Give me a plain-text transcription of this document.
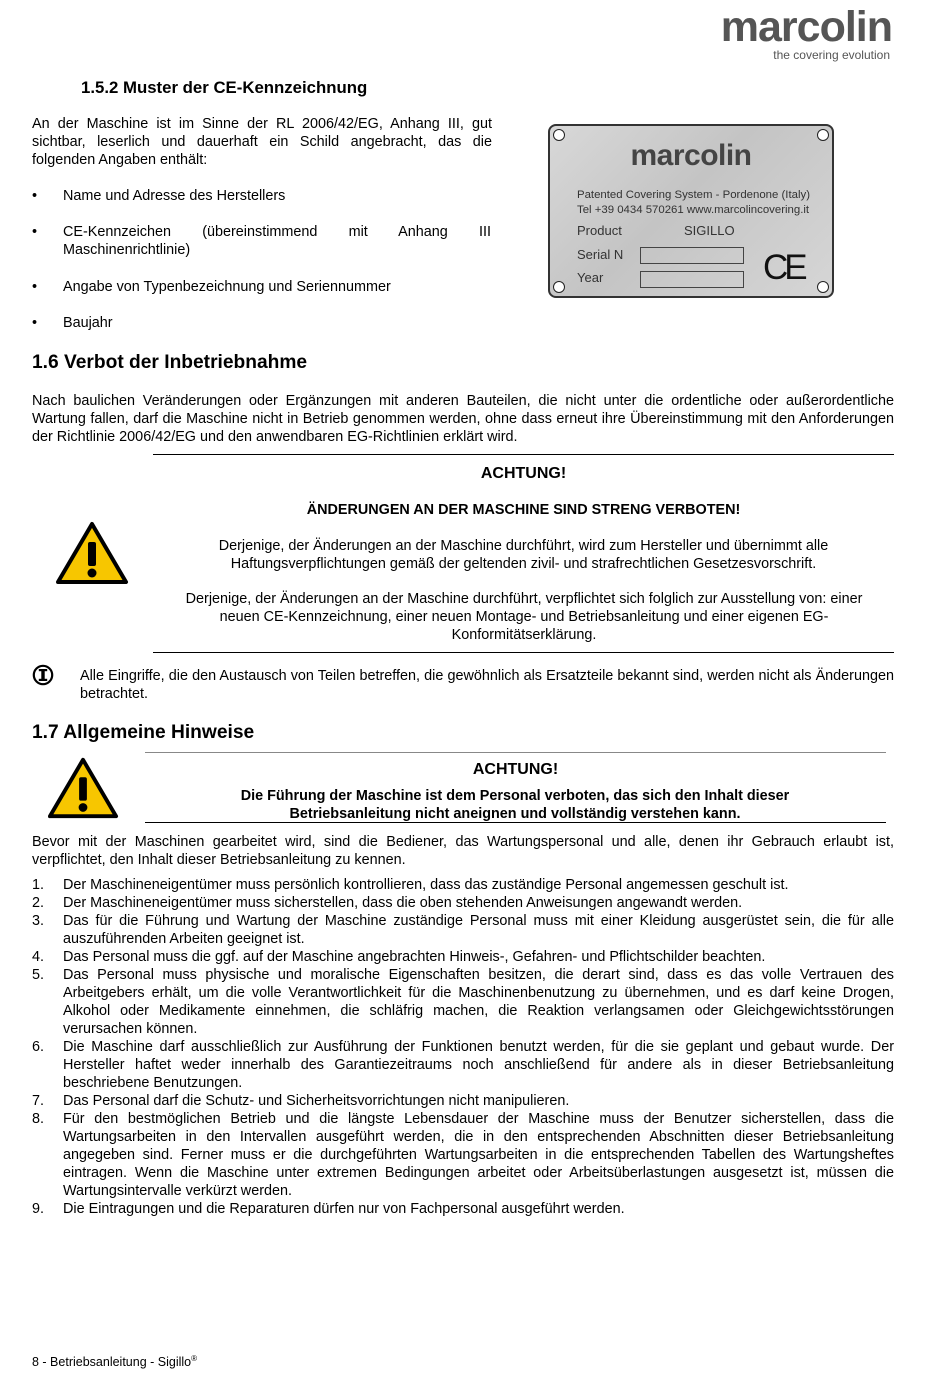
marcolin
the covering evolution
1.5.2 Muster der CE-Kennzeichnung
An der Maschine ist im Sinne der RL 2006/42/EG, Anhang III, gut sichtbar, leserlich und dauerhaft ein Schild angebracht, das die folgenden Angaben enthält:
• Name und Adresse des Herstellers
• CE-Kennzeichen (übereinstimmend mit Anhang III Maschinenrichtlinie)
• Angabe von Typenbezeichnung und Seriennummer
• Baujahr
marcolin
Patented Covering System - Pordenone (Italy)
Tel +39 0434 570261 www.marcolincovering.it
Product	SIGILLO
Serial N
Year	CE
1.6 Verbot der Inbetriebnahme
Nach baulichen Veränderungen oder Ergänzungen mit anderen Bauteilen, die nicht unter die ordentliche oder außerordentliche Wartung fallen, darf die Maschine nicht in Betrieb genommen werden, ohne dass erneut ihre Übereinstimmung mit den Anforderungen der Richtlinie 2006/42/EG und den anwendbaren EG-Richtlinien erklärt wird.
ACHTUNG!
ÄNDERUNGEN AN DER MASCHINE SIND STRENG VERBOTEN!
Derjenige, der Änderungen an der Maschine durchführt, wird zum Hersteller und übernimmt alle Haftungsverpflichtungen gemäß der geltenden zivil- und strafrechtlichen Gesetzesvorschrift.
Derjenige, der Änderungen an der Maschine durchführt, verpflichtet sich folglich zur Ausstellung von: einer neuen CE-Kennzeichnung, einer neuen Montage- und Betriebsanleitung und einer eigenen EG-Konformitätserklärung.
Alle Eingriffe, die den Austausch von Teilen betreffen, die gewöhnlich als Ersatzteile bekannt sind, werden nicht als Änderungen betrachtet.
1.7 Allgemeine Hinweise
ACHTUNG!
Die Führung der Maschine ist dem Personal verboten, das sich den Inhalt dieser Betriebsanleitung nicht aneignen und vollständig verstehen kann.
Bevor mit der Maschinen gearbeitet wird, sind die Bediener, das Wartungspersonal und alle, denen ihr Gebrauch erlaubt ist, verpflichtet, den Inhalt dieser Betriebsanleitung zu kennen.
1. Der Maschineneigentümer muss persönlich kontrollieren, dass das zuständige Personal angemessen geschult ist.
2. Der Maschineneigentümer muss sicherstellen, dass die oben stehenden Anweisungen angewandt werden.
3. Das für die Führung und Wartung der Maschine zuständige Personal muss mit einer Kleidung ausgerüstet sein, die für alle auszuführenden Arbeiten geeignet ist.
4. Das Personal muss die ggf. auf der Maschine angebrachten Hinweis-, Gefahren- und Pflichtschilder beachten.
5. Das Personal muss physische und moralische Eigenschaften besitzen, die derart sind, dass es das volle Vertrauen des Arbeitgebers erhält, um die volle Verantwortlichkeit für die Maschinenbenutzung zu übernehmen, und es darf keine Drogen, Alkohol oder Medikamente einnehmen, die schläfrig machen, die Reaktion verlangsamen oder Gleichgewichtsstörungen verursachen können.
6. Die Maschine darf ausschließlich zur Ausführung der Funktionen benutzt werden, für die sie geplant und gebaut wurde. Der Hersteller haftet weder innerhalb des Garantiezeitraums noch anschließend für andere als in dieser Betriebsanleitung beschriebene Benutzungen.
7. Das Personal darf die Schutz- und Sicherheitsvorrichtungen nicht manipulieren.
8. Für den bestmöglichen Betrieb und die längste Lebensdauer der Maschine muss der Benutzer sicherstellen, dass die Wartungsarbeiten in den Intervallen ausgeführt werden, die in den entsprechenden Abschnitten dieser Betriebsanleitung angegeben sind. Ferner muss er die durchgeführten Wartungsarbeiten in die entsprechenden Tabellen des Wartungsheftes eintragen. Wenn die Maschine unter extremen Bedingungen arbeitet oder Arbeitsüberlastungen ausgesetzt ist, müssen die Wartungsintervalle verkürzt werden.
9. Die Eintragungen und die Reparaturen dürfen nur von Fachpersonal ausgeführt werden.
8 - Betriebsanleitung - Sigillo®
